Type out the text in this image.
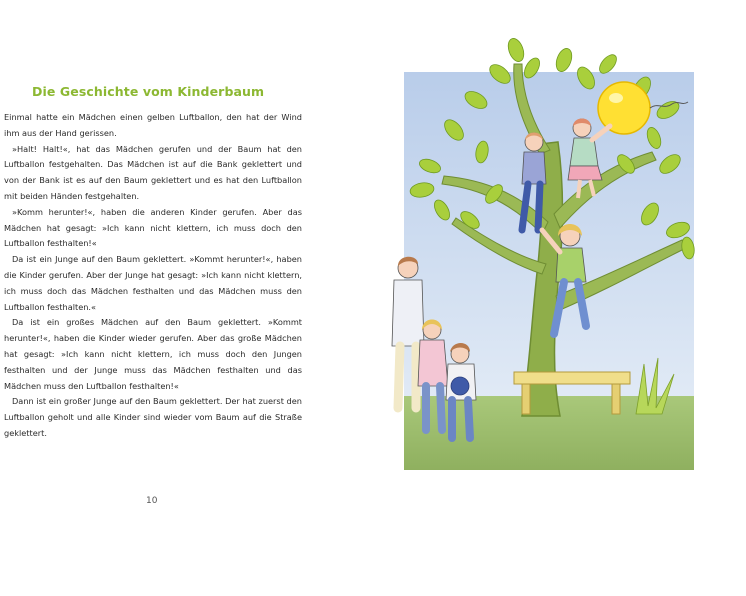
Die Geschichte vom Kinderbaum

Einmal hatte ein Mädchen einen gelben Luftballon, den hat der Wind ihm aus der Hand gerissen.

»Halt! Halt!«, hat das Mädchen gerufen und der Baum hat den Luftballon festgehalten. Das Mädchen ist auf die Bank geklettert und von der Bank ist es auf den Baum geklettert und es hat den Luftballon mit beiden Händen festgehalten.

»Komm herunter!«, haben die anderen Kinder gerufen. Aber das Mädchen hat gesagt: »Ich kann nicht klettern, ich muss doch den Luftballon festhalten!«

Da ist ein Junge auf den Baum geklettert. »Kommt herunter!«, haben die Kinder gerufen. Aber der Junge hat gesagt: »Ich kann nicht klettern, ich muss doch das Mädchen festhalten und das Mädchen muss den Luftballon festhalten.«

Da ist ein großes Mädchen auf den Baum geklettert. »Kommt herunter!«, haben die Kinder wieder gerufen. Aber das große Mädchen hat gesagt: »Ich kann nicht klettern, ich muss doch den Jungen festhalten und der Junge muss das Mädchen festhalten und das Mädchen muss den Luftballon festhalten!«

Dann ist ein großer Junge auf den Baum geklettert. Der hat zuerst den Luftballon geholt und alle Kinder sind wieder vom Baum auf die Straße geklettert.

10
